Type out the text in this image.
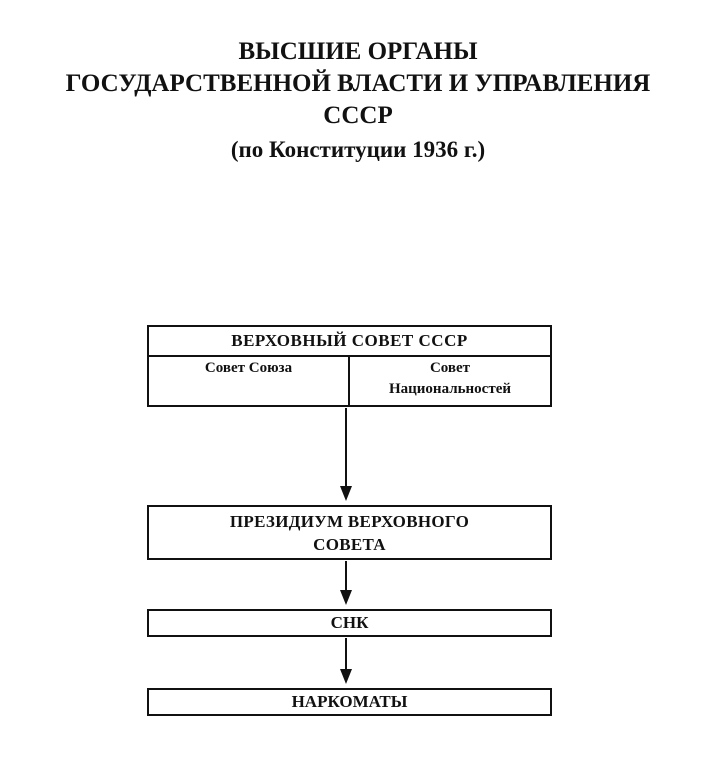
ВЫСШИЕ ОРГАНЫ
ГОСУДАРСТВЕННОЙ ВЛАСТИ И УПРАВЛЕНИЯ
СССР
(по Конституции 1936 г.)
ВЕРХОВНЫЙ СОВЕТ СССР
Совет Союза	Совет
Национальностей
ПРЕЗИДИУМ ВЕРХОВНОГО
СОВЕТА
СНК
НАРКОМАТЫ
